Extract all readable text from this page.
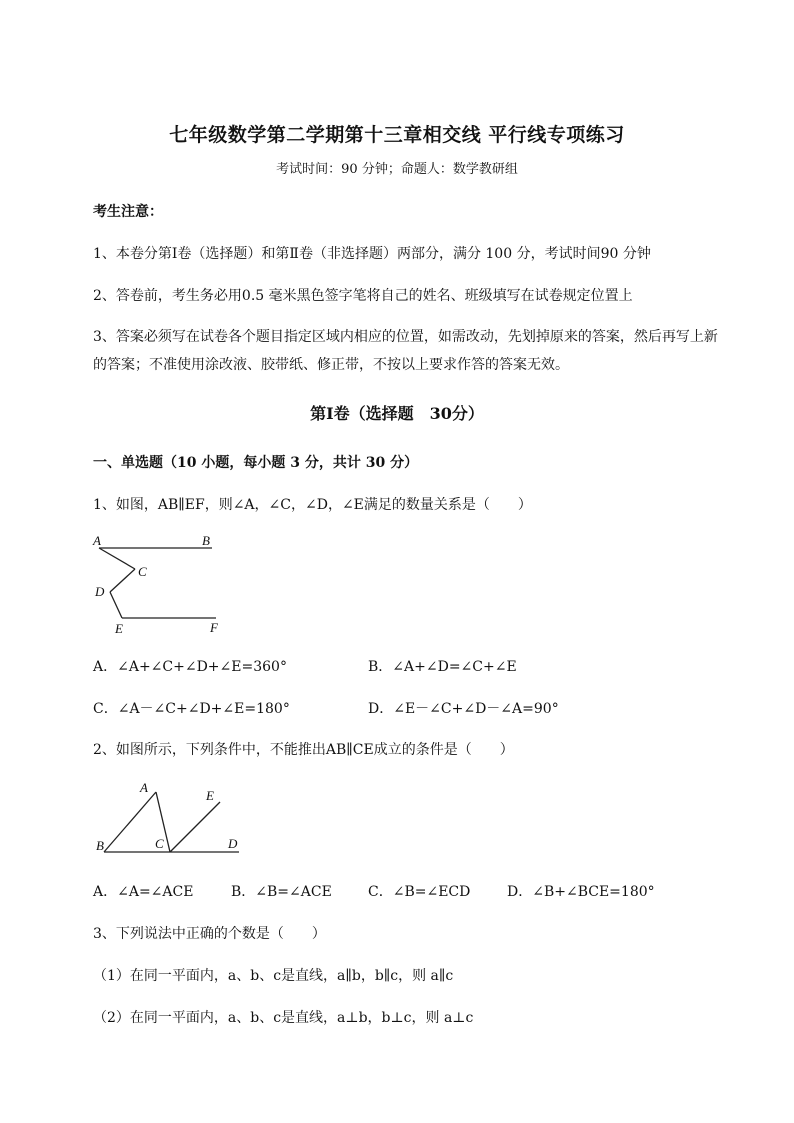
七年级数学第二学期第十三章相交线 平行线专项练习
考试时间：90 分钟；命题人：数学教研组
考生注意：
1、本卷分第Ⅰ卷（选择题）和第Ⅱ卷（非选择题）两部分，满分 100 分，考试时间90 分钟
2、答卷前，考生务必用0.5 毫米黑色签字笔将自己的姓名、班级填写在试卷规定位置上
3、答案必须写在试卷各个题目指定区域内相应的位置，如需改动，先划掉原来的答案，然后再写上新
的答案；不准使用涂改液、胶带纸、修正带，不按以上要求作答的答案无效。
第Ⅰ卷（选择题　30分）
一、单选题（10 小题，每小题 3 分，共计 30 分）
1、如图，AB∥EF，则∠A，∠C，∠D，∠E满足的数量关系是（　　）
A	B
C
D
E	F
A．∠A+∠C+∠D+∠E=360°	B．∠A+∠D=∠C+∠E
C．∠A－∠C+∠D+∠E=180°	D．∠E－∠C+∠D－∠A=90°
2、如图所示，下列条件中，不能推出AB∥CE成立的条件是（　　）
A
B	C	D
E
A．∠A=∠ACE	B．∠B=∠ACE	C．∠B=∠ECD	D．∠B+∠BCE=180°
3、下列说法中正确的个数是（　　）
（1）在同一平面内，a、b、c是直线，a∥b，b∥c，则 a∥c
（2）在同一平面内，a、b、c是直线，a⊥b，b⊥c，则 a⊥c
